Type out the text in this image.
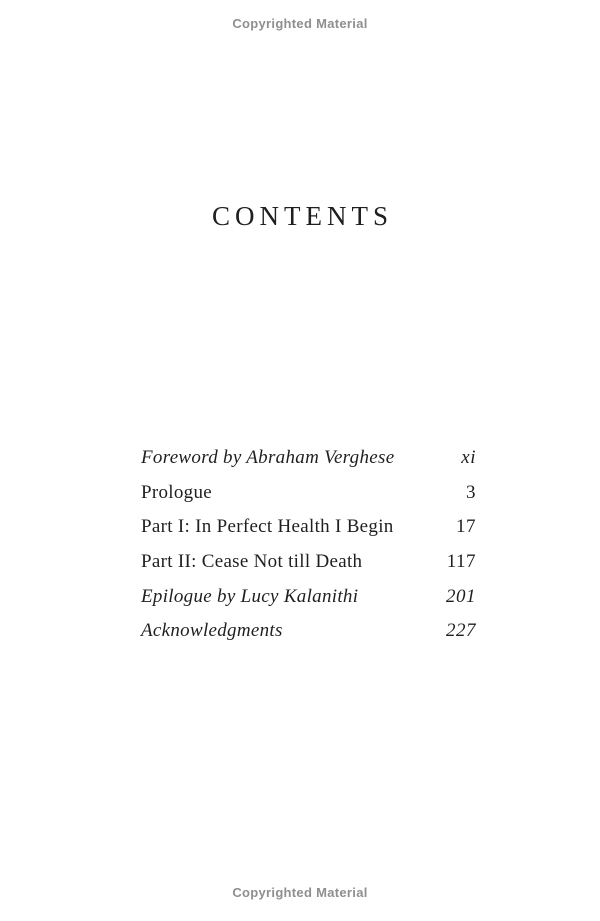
Copyrighted Material
CONTENTS
Foreword by Abraham Verghese	xi
Prologue	3
Part I: In Perfect Health I Begin	17
Part II: Cease Not till Death	117
Epilogue by Lucy Kalanithi	201
Acknowledgments	227
Copyrighted Material
